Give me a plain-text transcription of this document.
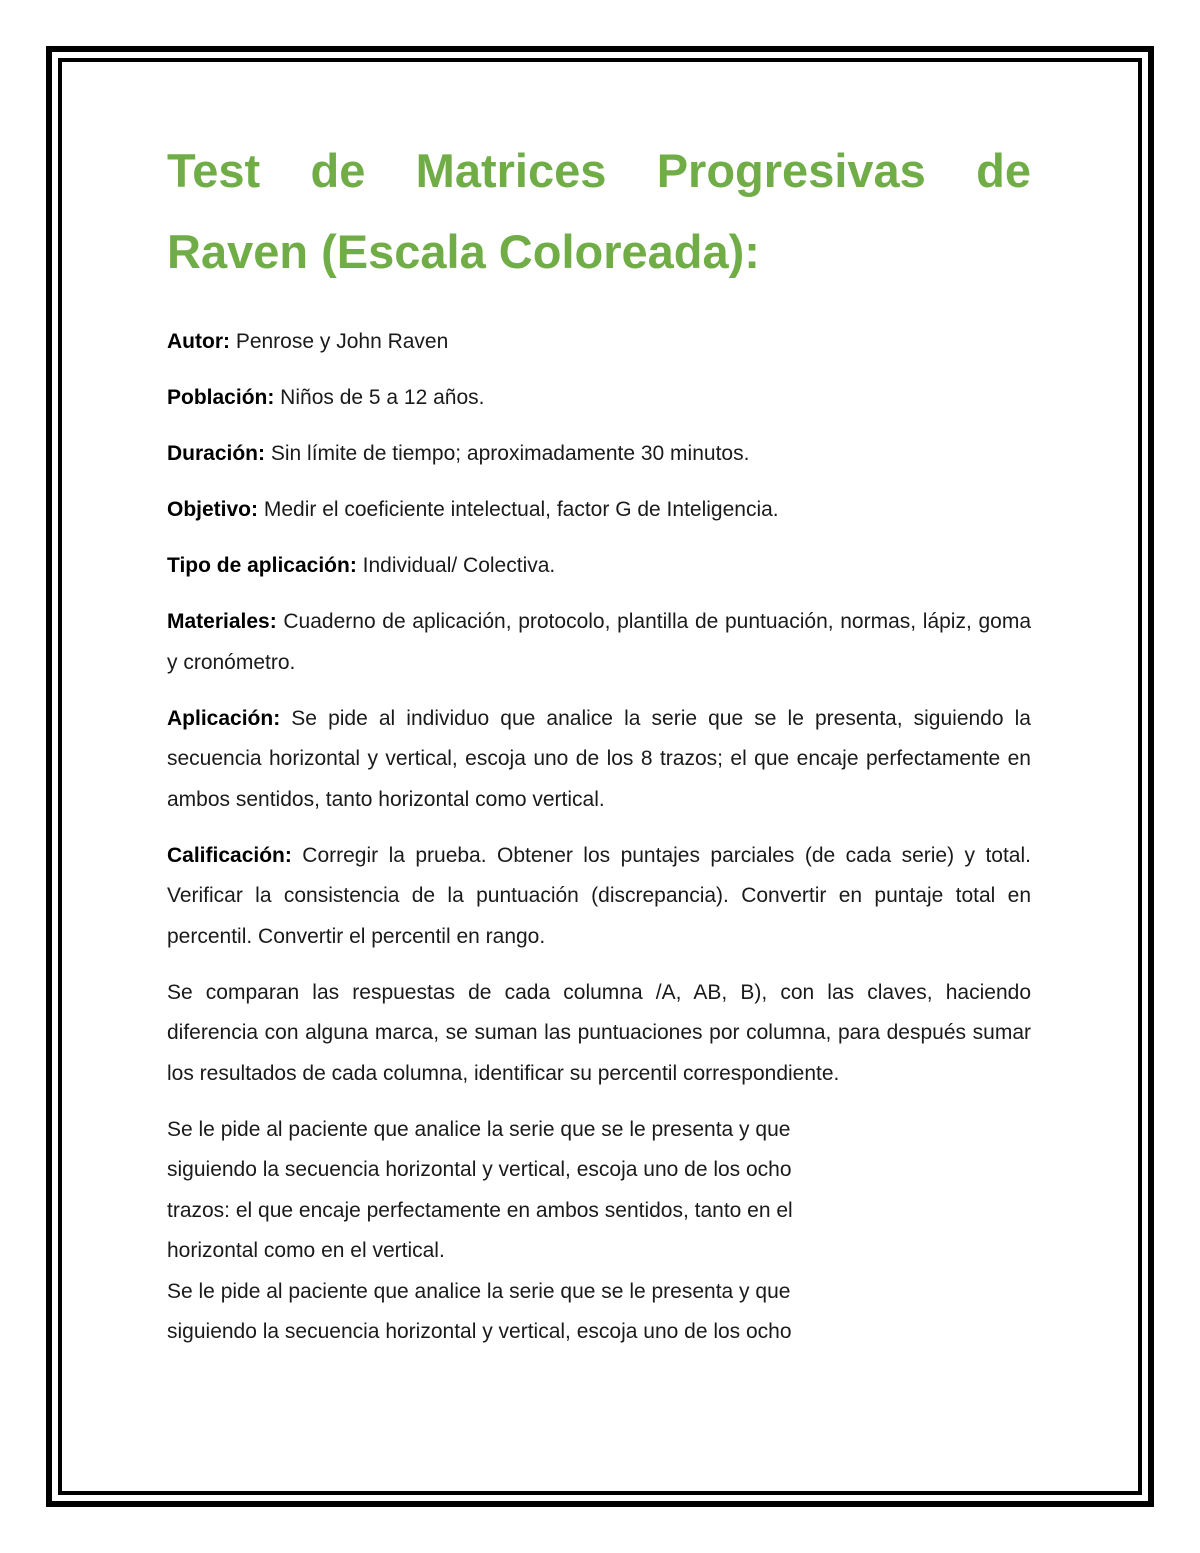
Test de Matrices Progresivas de
Raven (Escala Coloreada):

Autor: Penrose y John Raven

Población: Niños de 5 a 12 años.

Duración: Sin límite de tiempo; aproximadamente 30 minutos.

Objetivo: Medir el coeficiente intelectual, factor G de Inteligencia.

Tipo de aplicación: Individual/ Colectiva.

Materiales: Cuaderno de aplicación, protocolo, plantilla de puntuación, normas, lápiz, goma y cronómetro.

Aplicación: Se pide al individuo que analice la serie que se le presenta, siguiendo la secuencia horizontal y vertical, escoja uno de los 8 trazos; el que encaje perfectamente en ambos sentidos, tanto horizontal como vertical.

Calificación: Corregir la prueba. Obtener los puntajes parciales (de cada serie) y total. Verificar la consistencia de la puntuación (discrepancia). Convertir en puntaje total en percentil. Convertir el percentil en rango.

Se comparan las respuestas de cada columna /A, AB, B), con las claves, haciendo diferencia con alguna marca, se suman las puntuaciones por columna, para después sumar los resultados de cada columna, identificar su percentil correspondiente.

Se le pide al paciente que analice la serie que se le presenta y que
siguiendo la secuencia horizontal y vertical, escoja uno de los ocho
trazos: el que encaje perfectamente en ambos sentidos, tanto en el
horizontal como en el vertical.
Se le pide al paciente que analice la serie que se le presenta y que
siguiendo la secuencia horizontal y vertical, escoja uno de los ocho
